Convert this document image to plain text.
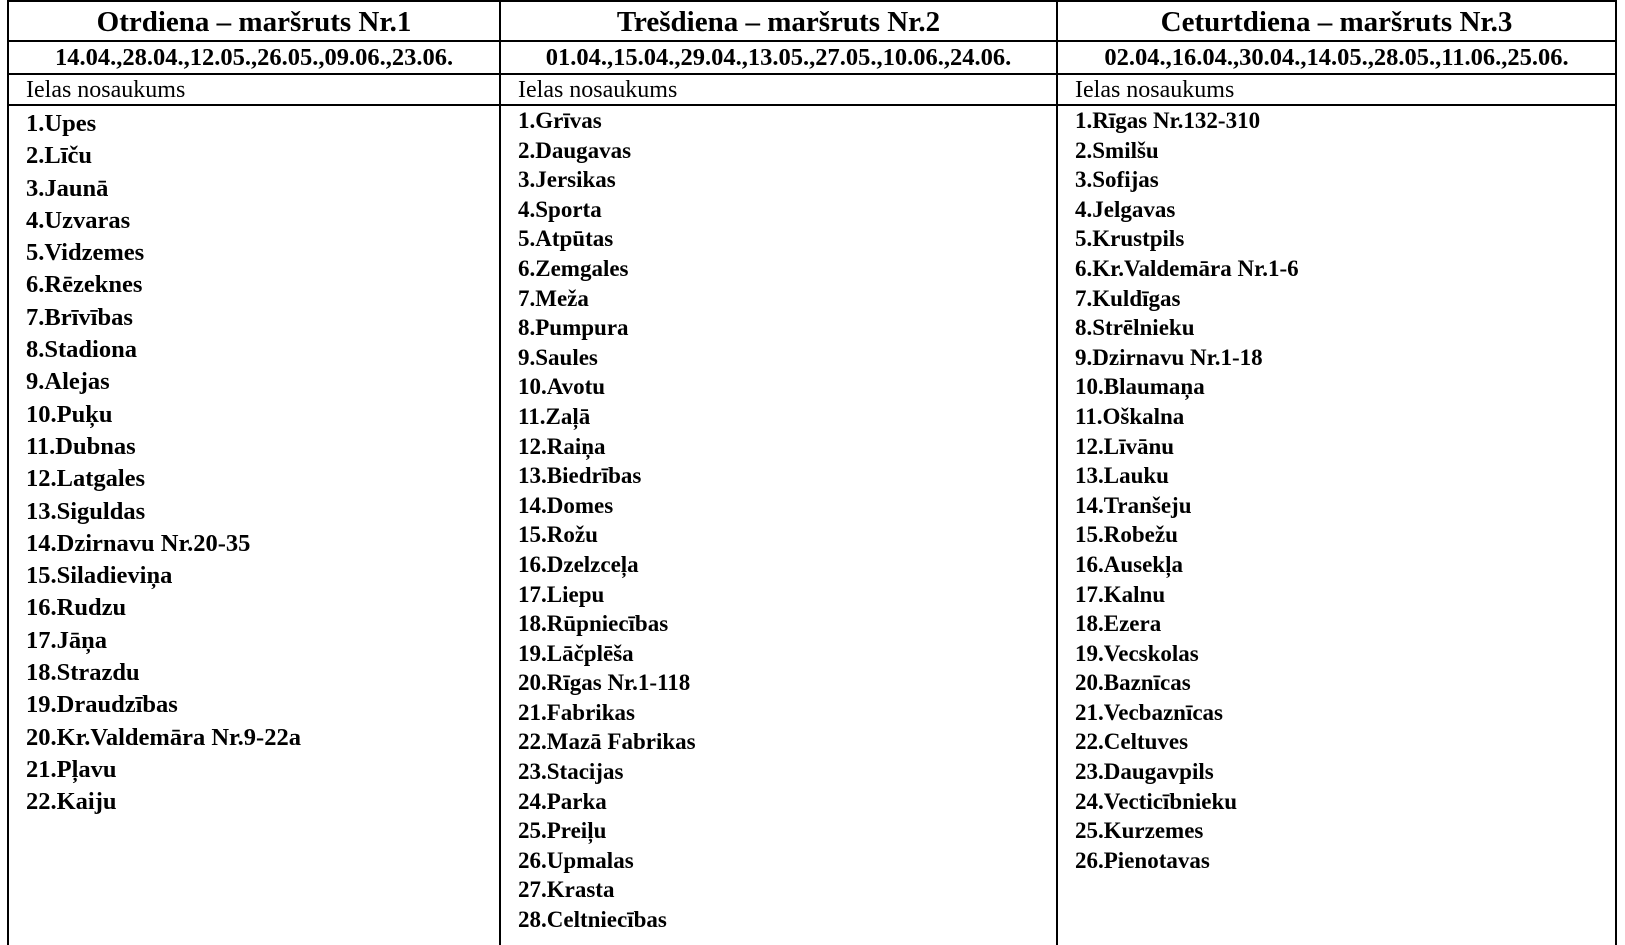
Otrdiena – maršruts Nr.1
14.04.,28.04.,12.05.,26.05.,09.06.,23.06.
Ielas nosaukums
1.Upes
2.Līču
3.Jaunā
4.Uzvaras
5.Vidzemes
6.Rēzeknes
7.Brīvības
8.Stadiona
9.Alejas
10.Puķu
11.Dubnas
12.Latgales
13.Siguldas
14.Dzirnavu Nr.20-35
15.Siladieviņa
16.Rudzu
17.Jāņa
18.Strazdu
19.Draudzības
20.Kr.Valdemāra Nr.9-22a
21.Pļavu
22.Kaiju
Trešdiena – maršruts Nr.2
01.04.,15.04.,29.04.,13.05.,27.05.,10.06.,24.06.
Ielas nosaukums
1.Grīvas
2.Daugavas
3.Jersikas
4.Sporta
5.Atpūtas
6.Zemgales
7.Meža
8.Pumpura
9.Saules
10.Avotu
11.Zaļā
12.Raiņa
13.Biedrības
14.Domes
15.Rožu
16.Dzelzceļa
17.Liepu
18.Rūpniecības
19.Lāčplēša
20.Rīgas Nr.1-118
21.Fabrikas
22.Mazā Fabrikas
23.Stacijas
24.Parka
25.Preiļu
26.Upmalas
27.Krasta
28.Celtniecības
Ceturtdiena – maršruts Nr.3
02.04.,16.04.,30.04.,14.05.,28.05.,11.06.,25.06.
Ielas nosaukums
1.Rīgas Nr.132-310
2.Smilšu
3.Sofijas
4.Jelgavas
5.Krustpils
6.Kr.Valdemāra Nr.1-6
7.Kuldīgas
8.Strēlnieku
9.Dzirnavu Nr.1-18
10.Blaumaņa
11.Oškalna
12.Līvānu
13.Lauku
14.Tranšeju
15.Robežu
16.Ausekļa
17.Kalnu
18.Ezera
19.Vecskolas
20.Baznīcas
21.Vecbaznīcas
22.Celtuves
23.Daugavpils
24.Vecticībnieku
25.Kurzemes
26.Pienotavas
